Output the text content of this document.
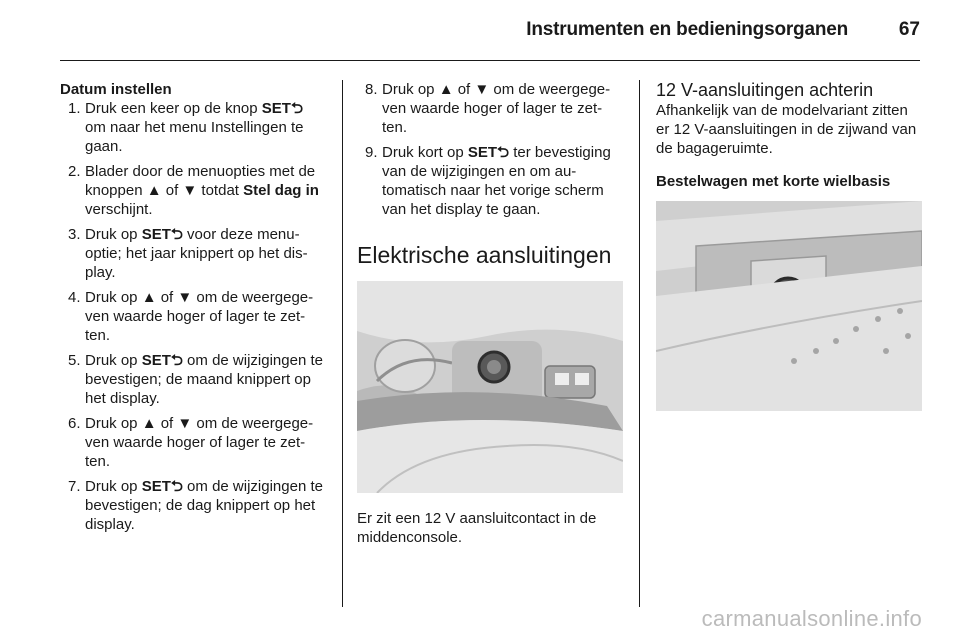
Instrumenten en bedieningsorganen	67
Datum instellen
1. Druk een keer op de knop SET⮌ om naar het menu Instellingen te gaan.
2. Blader door de menuopties met de knoppen ▲ of ▼ totdat Stel dag in verschijnt.
3. Druk op SET⮌ voor deze menuoptie; het jaar knippert op het display.
4. Druk op ▲ of ▼ om de weergegeven waarde hoger of lager te zetten.
5. Druk op SET⮌ om de wijzigingen te bevestigen; de maand knippert op het display.
6. Druk op ▲ of ▼ om de weergegeven waarde hoger of lager te zetten.
7. Druk op SET⮌ om de wijzigingen te bevestigen; de dag knippert op het display.
8. Druk op ▲ of ▼ om de weergegeven waarde hoger of lager te zetten.
9. Druk kort op SET⮌ ter bevestiging van de wijzigingen en om automatisch naar het vorige scherm van het display te gaan.
Elektrische aansluitingen

Er zit een 12 V aansluitcontact in de middenconsole.

12 V-aansluitingen achterin

Afhankelijk van de modelvariant zitten er 12 V-aansluitingen in de zijwand van de bagageruimte.

Bestelwagen met korte wielbasis
carmanualsonline.info
